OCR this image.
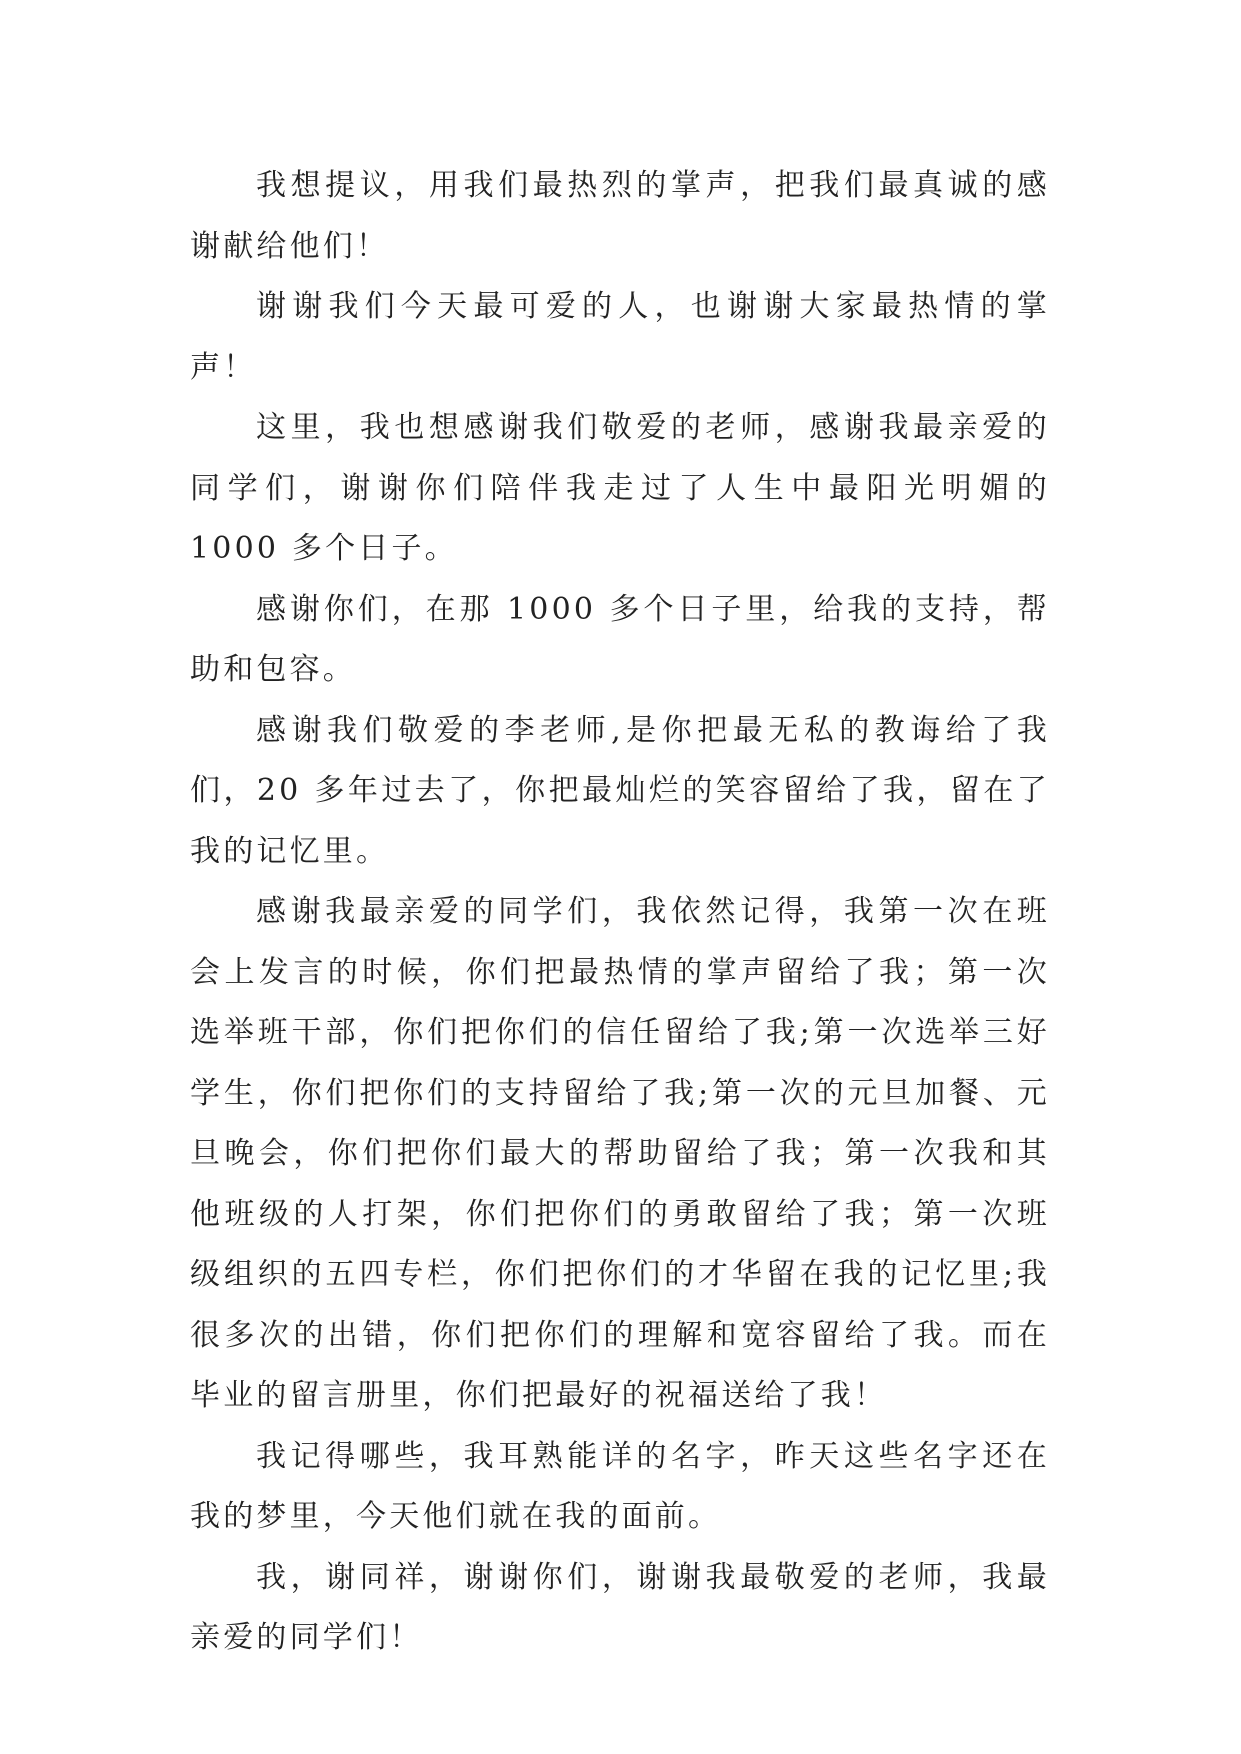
我想提议，用我们最热烈的掌声，把我们最真诚的感谢献给他们！

谢谢我们今天最可爱的人，也谢谢大家最热情的掌声！

这里，我也想感谢我们敬爱的老师，感谢我最亲爱的同学们，谢谢你们陪伴我走过了人生中最阳光明媚的 1000 多个日子。

感谢你们，在那 1000 多个日子里，给我的支持，帮助和包容。

感谢我们敬爱的李老师,是你把最无私的教诲给了我们，20 多年过去了，你把最灿烂的笑容留给了我，留在了我的记忆里。

感谢我最亲爱的同学们，我依然记得，我第一次在班会上发言的时候，你们把最热情的掌声留给了我；第一次选举班干部，你们把你们的信任留给了我;第一次选举三好学生，你们把你们的支持留给了我;第一次的元旦加餐、元旦晚会，你们把你们最大的帮助留给了我；第一次我和其他班级的人打架，你们把你们的勇敢留给了我；第一次班级组织的五四专栏，你们把你们的才华留在我的记忆里;我很多次的出错，你们把你们的理解和宽容留给了我。而在毕业的留言册里，你们把最好的祝福送给了我！

我记得哪些，我耳熟能详的名字，昨天这些名字还在我的梦里，今天他们就在我的面前。

我，谢同祥，谢谢你们，谢谢我最敬爱的老师，我最亲爱的同学们！
